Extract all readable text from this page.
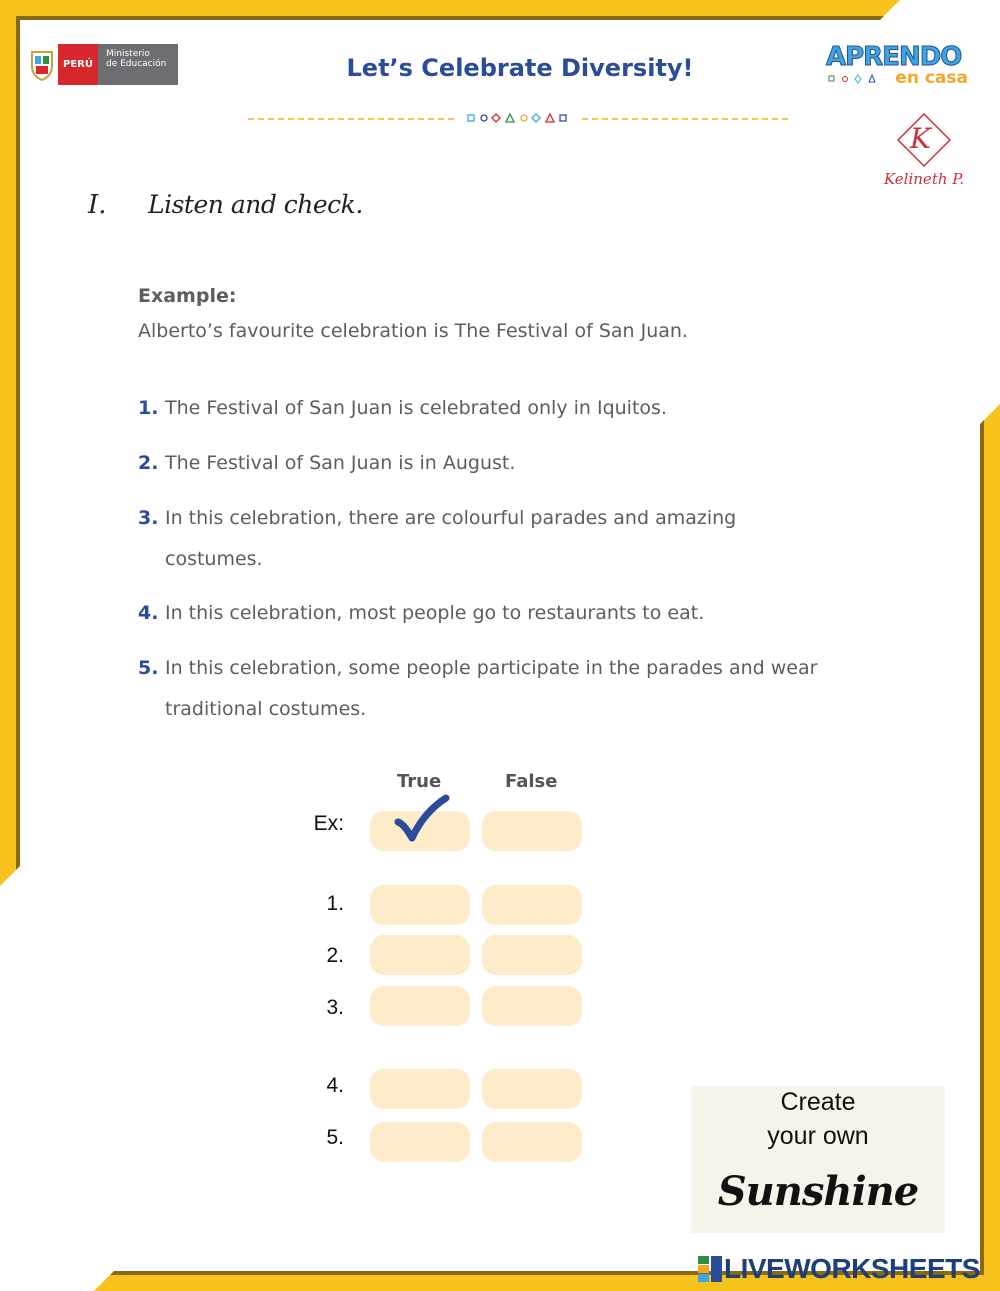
PERÚ
Ministerio
de Educación	Let’s Celebrate Diversity!	APRENDO
en casa
K
Kelineth P.
I. Listen and check.
Example:
Alberto’s favourite celebration is The Festival of San Juan.
1. The Festival of San Juan is celebrated only in Iquitos.
2. The Festival of San Juan is in August.
3. In this celebration, there are colourful parades and amazing costumes.
4. In this celebration, most people go to restaurants to eat.
5. In this celebration, some people participate in the parades and wear traditional costumes.
True	False
Ex:
1.
2.
3.
4.
5.
Create
your own
Sunshine
LIVEWORKSHEETS
